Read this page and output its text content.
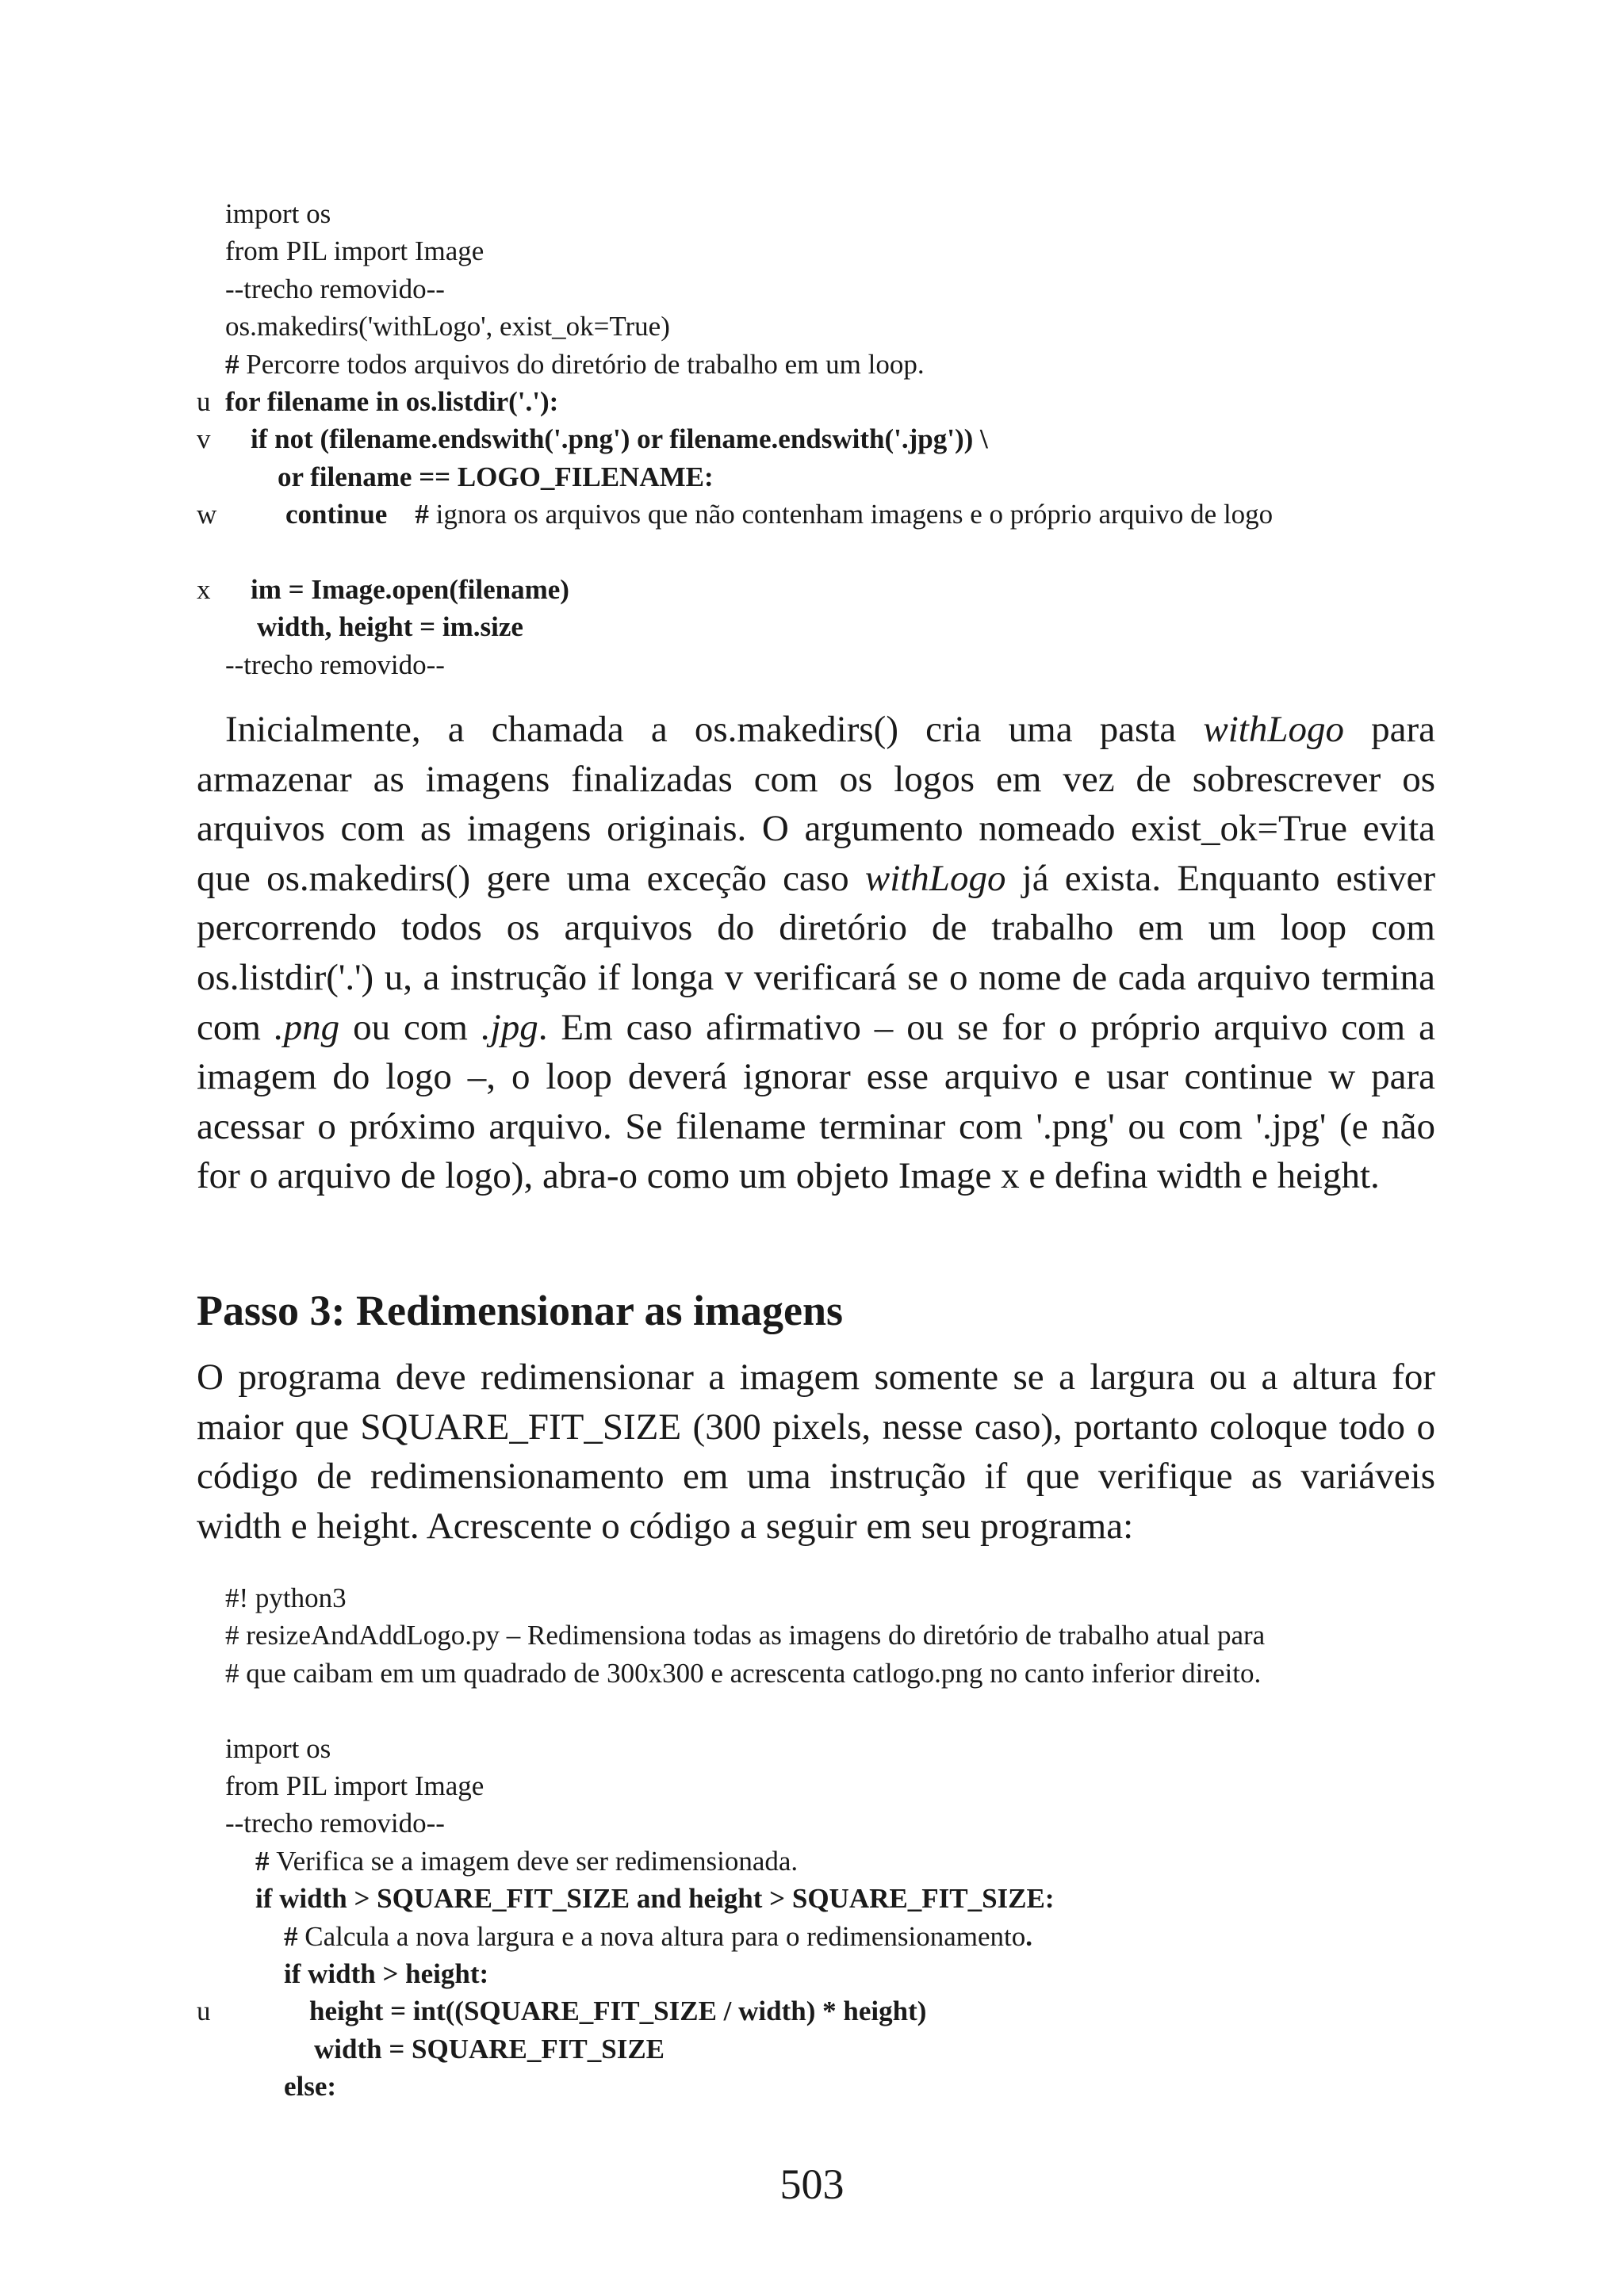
import os
from PIL import Image
--trecho removido--
os.makedirs('withLogo', exist_ok=True)
# Percorre todos arquivos do diretório de trabalho em um loop.
u for filename in os.listdir('.'):
v if not (filename.endswith('.png') or filename.endswith('.jpg')) \
or filename == LOGO_FILENAME:
w continue    # ignora os arquivos que não contenham imagens e o próprio arquivo de logo
x im = Image.open(filename)
width, height = im.size
--trecho removido--

Inicialmente, a chamada a os.makedirs() cria uma pasta withLogo para armazenar as imagens finalizadas com os logos em vez de sobrescrever os arquivos com as imagens originais. O argumento nomeado exist_ok=True evita que os.makedirs() gere uma exceção caso withLogo já exista. Enquanto estiver percorrendo todos os arquivos do diretório de trabalho em um loop com os.listdir('.') u, a instrução if longa v verificará se o nome de cada arquivo termina com .png ou com .jpg. Em caso afirmativo – ou se for o próprio arquivo com a imagem do logo –, o loop deverá ignorar esse arquivo e usar continue w para acessar o próximo arquivo. Se filename terminar com '.png' ou com '.jpg' (e não for o arquivo de logo), abra-o como um objeto Image x e defina width e height.

Passo 3: Redimensionar as imagens

O programa deve redimensionar a imagem somente se a largura ou a altura for maior que SQUARE_FIT_SIZE (300 pixels, nesse caso), portanto coloque todo o código de redimensionamento em uma instrução if que verifique as variáveis width e height. Acrescente o código a seguir em seu programa:

#! python3
# resizeAndAddLogo.py – Redimensiona todas as imagens do diretório de trabalho atual para
# que caibam em um quadrado de 300x300 e acrescenta catlogo.png no canto inferior direito.
import os
from PIL import Image
--trecho removido--
# Verifica se a imagem deve ser redimensionada.
if width > SQUARE_FIT_SIZE and height > SQUARE_FIT_SIZE:
# Calcula a nova largura e a nova altura para o redimensionamento.
if width > height:
u	height = int((SQUARE_FIT_SIZE / width) * height)
width = SQUARE_FIT_SIZE
else:
503
